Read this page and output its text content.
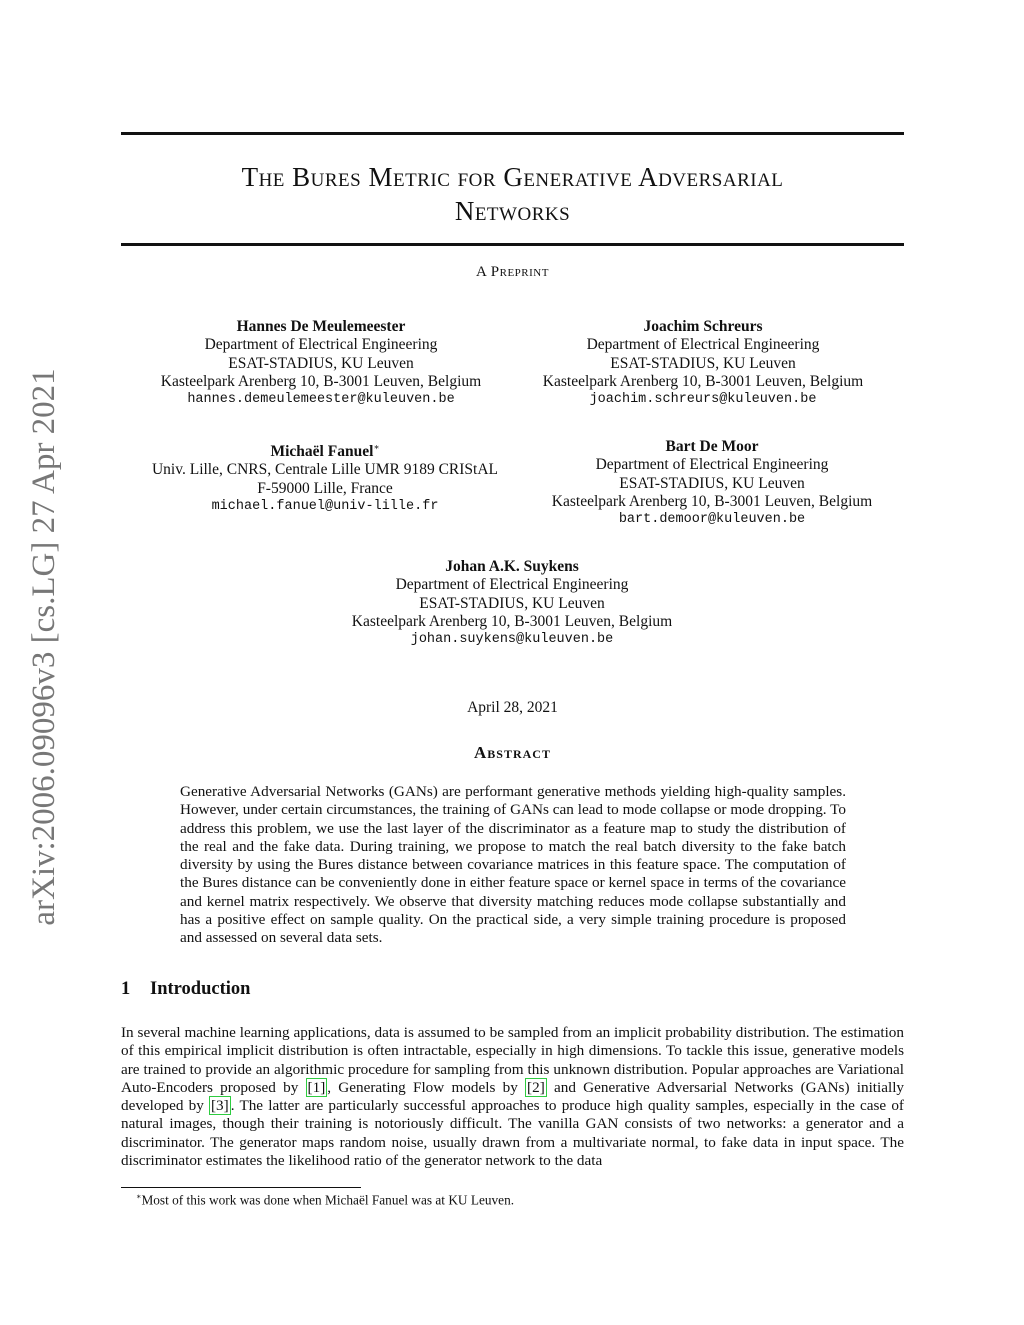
arXiv:2006.09096v3 [cs.LG] 27 Apr 2021
The Bures Metric for Generative Adversarial
Networks
A Preprint
Hannes De Meulemeester
Department of Electrical Engineering
ESAT-STADIUS, KU Leuven
Kasteelpark Arenberg 10, B-3001 Leuven, Belgium
hannes.demeulemeester@kuleuven.be
Joachim Schreurs
Department of Electrical Engineering
ESAT-STADIUS, KU Leuven
Kasteelpark Arenberg 10, B-3001 Leuven, Belgium
joachim.schreurs@kuleuven.be
Michaël Fanuel∗
Univ. Lille, CNRS, Centrale Lille UMR 9189 CRIStAL
F-59000 Lille, France
michael.fanuel@univ-lille.fr
Bart De Moor
Department of Electrical Engineering
ESAT-STADIUS, KU Leuven
Kasteelpark Arenberg 10, B-3001 Leuven, Belgium
bart.demoor@kuleuven.be
Johan A.K. Suykens
Department of Electrical Engineering
ESAT-STADIUS, KU Leuven
Kasteelpark Arenberg 10, B-3001 Leuven, Belgium
johan.suykens@kuleuven.be
April 28, 2021
Abstract
Generative Adversarial Networks (GANs) are performant generative methods yielding high-quality samples. However, under certain circumstances, the training of GANs can lead to mode collapse or mode dropping. To address this problem, we use the last layer of the discriminator as a feature map to study the distribution of the real and the fake data. During training, we propose to match the real batch diversity to the fake batch diversity by using the Bures distance between covariance matrices in this feature space. The computation of the Bures distance can be conveniently done in either feature space or kernel space in terms of the covariance and kernel matrix respectively. We observe that diversity matching reduces mode collapse substantially and has a positive effect on sample quality. On the practical side, a very simple training procedure is proposed and assessed on several data sets.
1 Introduction
In several machine learning applications, data is assumed to be sampled from an implicit probability distribution. The estimation of this empirical implicit distribution is often intractable, especially in high dimensions. To tackle this issue, generative models are trained to provide an algorithmic procedure for sampling from this unknown distribution. Popular approaches are Variational Auto-Encoders proposed by [1] , Generating Flow models by [2] and Generative Adversarial Networks (GANs) initially developed by [3] . The latter are particularly successful approaches to produce high quality samples, especially in the case of natural images, though their training is notoriously difficult. The vanilla GAN consists of two networks: a generator and a discriminator. The generator maps random noise, usually drawn from a multivariate normal, to fake data in input space. The discriminator estimates the likelihood ratio of the generator network to the data
∗Most of this work was done when Michaël Fanuel was at KU Leuven.
